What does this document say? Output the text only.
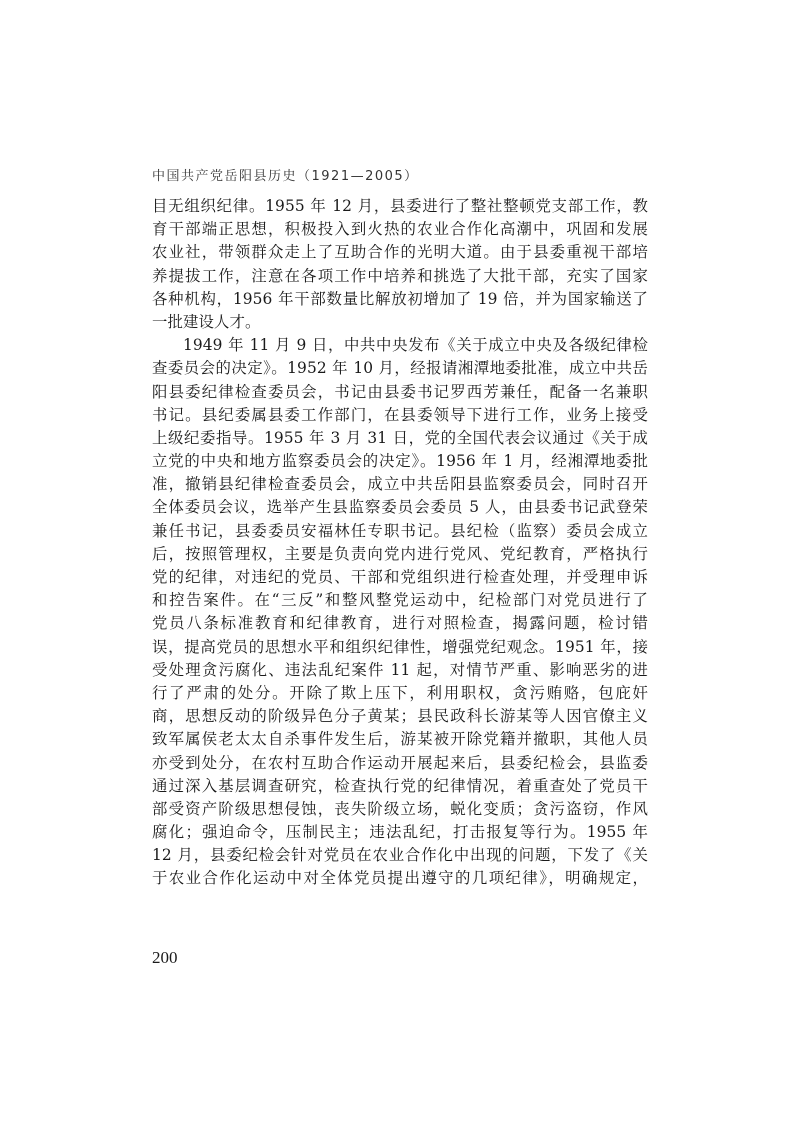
中国共产党岳阳县历史（1921—2005）
目无组织纪律。1955 年 12 月，县委进行了整社整顿党支部工作，教
育干部端正思想，积极投入到火热的农业合作化高潮中，巩固和发展
农业社，带领群众走上了互助合作的光明大道。由于县委重视干部培
养提拔工作，注意在各项工作中培养和挑选了大批干部，充实了国家
各种机构，1956 年干部数量比解放初增加了 19 倍，并为国家输送了
一批建设人才。
1949 年 11 月 9 日，中共中央发布《关于成立中央及各级纪律检
查委员会的决定》。1952 年 10 月，经报请湘潭地委批准，成立中共岳
阳县委纪律检查委员会，书记由县委书记罗西芳兼任，配备一名兼职
书记。县纪委属县委工作部门，在县委领导下进行工作，业务上接受
上级纪委指导。1955 年 3 月 31 日，党的全国代表会议通过《关于成
立党的中央和地方监察委员会的决定》。1956 年 1 月，经湘潭地委批
准，撤销县纪律检查委员会，成立中共岳阳县监察委员会，同时召开
全体委员会议，选举产生县监察委员会委员 5 人，由县委书记武登荣
兼任书记，县委委员安福林任专职书记。县纪检（监察）委员会成立
后，按照管理权，主要是负责向党内进行党风、党纪教育，严格执行
党的纪律，对违纪的党员、干部和党组织进行检查处理，并受理申诉
和控告案件。在“三反”和整风整党运动中，纪检部门对党员进行了
党员八条标准教育和纪律教育，进行对照检查，揭露问题，检讨错
误，提高党员的思想水平和组织纪律性，增强党纪观念。1951 年，接
受处理贪污腐化、违法乱纪案件 11 起，对情节严重、影响恶劣的进
行了严肃的处分。开除了欺上压下，利用职权，贪污贿赂，包庇奸
商，思想反动的阶级异色分子黄某；县民政科长游某等人因官僚主义
致军属侯老太太自杀事件发生后，游某被开除党籍并撤职，其他人员
亦受到处分，在农村互助合作运动开展起来后，县委纪检会，县监委
通过深入基层调查研究，检查执行党的纪律情况，着重查处了党员干
部受资产阶级思想侵蚀，丧失阶级立场，蜕化变质；贪污盗窃，作风
腐化；强迫命令，压制民主；违法乱纪，打击报复等行为。1955 年
12 月，县委纪检会针对党员在农业合作化中出现的问题，下发了《关
于农业合作化运动中对全体党员提出遵守的几项纪律》，明确规定，
200
